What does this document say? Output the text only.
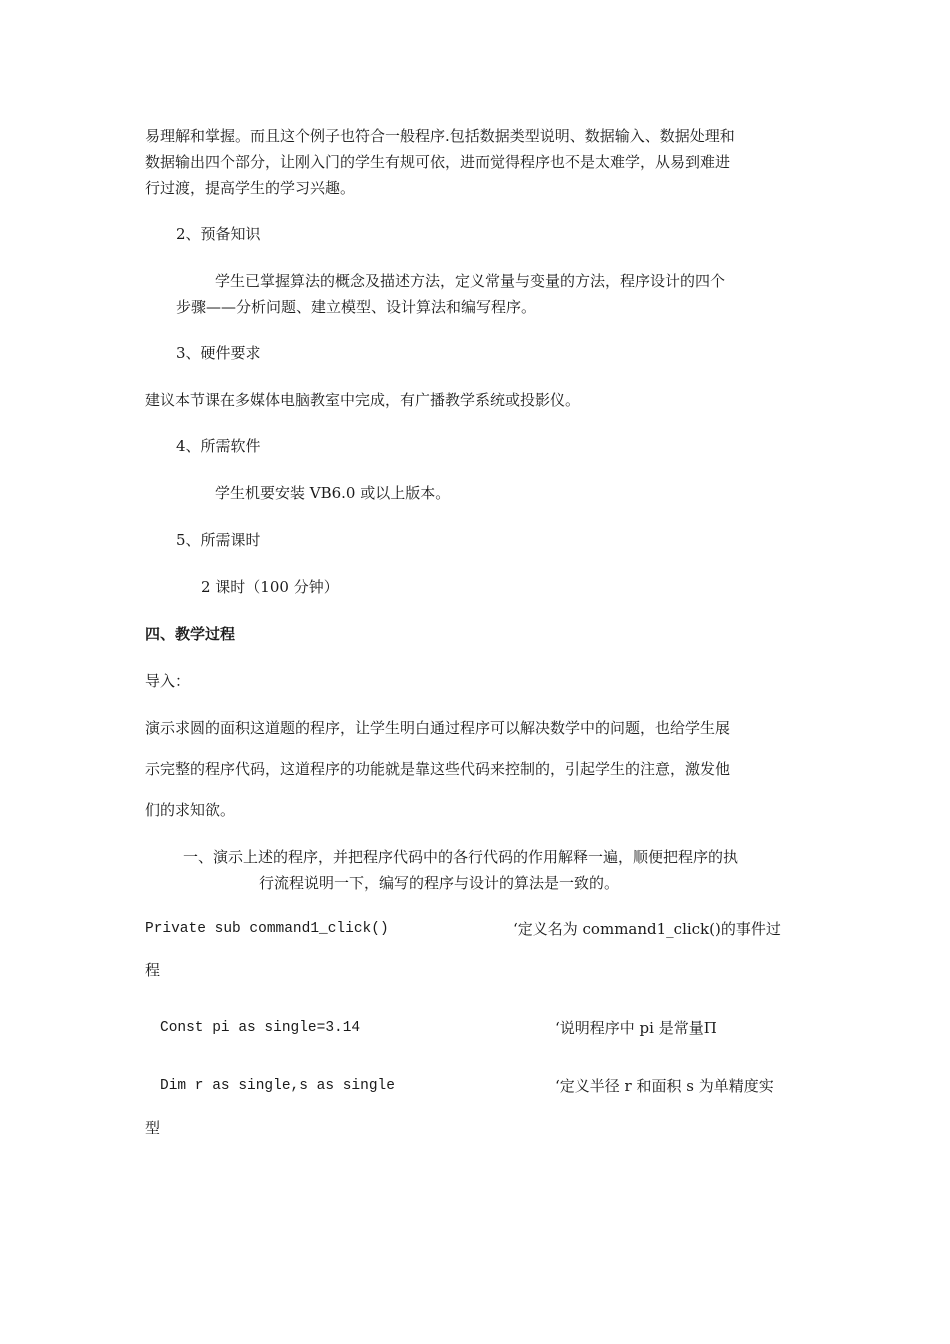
易理解和掌握。而且这个例子也符合一般程序.包括数据类型说明、数据输入、数据处理和
数据输出四个部分，让刚入门的学生有规可依，进而觉得程序也不是太难学，从易到难进
行过渡，提高学生的学习兴趣。
2、预备知识
学生已掌握算法的概念及描述方法，定义常量与变量的方法，程序设计的四个
步骤——分析问题、建立模型、设计算法和编写程序。
3、硬件要求
建议本节课在多媒体电脑教室中完成，有广播教学系统或投影仪。
4、所需软件
学生机要安装 VB6.0 或以上版本。
5、所需课时
2 课时（100 分钟）
四、教学过程
导入：
演示求圆的面积这道题的程序，让学生明白通过程序可以解决数学中的问题，也给学生展
示完整的程序代码，这道程序的功能就是靠这些代码来控制的，引起学生的注意，激发他
们的求知欲。
一、演示上述的程序，并把程序代码中的各行代码的作用解释一遍，顺便把程序的执
行流程说明一下，编写的程序与设计的算法是一致的。
Private sub command1_click()	‘定义名为 command1_click()的事件过
程
Const pi as single=3.14	‘说明程序中 pi 是常量Π
Dim r as single,s as single	‘定义半径 r 和面积 s 为单精度实
型
